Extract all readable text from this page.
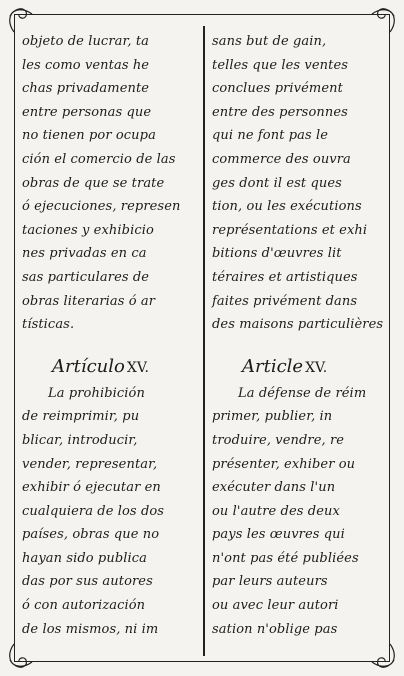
objeto de lucrar, ta
les como ventas he
chas privadamente
entre personas que
no tienen por ocupa
ción el comercio de las
obras de que se trate
ó ejecuciones, represen
taciones y exhibicio
nes privadas en ca
sas particulares de
obras literarias ó ar
tísticas.
Artículo XV.
La prohibición
de reimprimir, pu
blicar, introducir,
vender, representar,
exhibir ó ejecutar en
cualquiera de los dos
países, obras que no
hayan sido publica
das por sus autores
ó con autorización
de los mismos, ni im
sans but de gain,
telles que les ventes
conclues privément
entre des personnes
qui ne font pas le
commerce des ouvra
ges dont il est ques
tion, ou les exécutions
représentations et exhi
bitions d'œuvres lit
téraires et artistiques
faites privément dans
des maisons particulières
Article XV.
La défense de réim
primer, publier, in
troduire, vendre, re
présenter, exhiber ou
exécuter dans l'un
ou l'autre des deux
pays les œuvres qui
n'ont pas été publiées
par leurs auteurs
ou avec leur autori
sation n'oblige pas
